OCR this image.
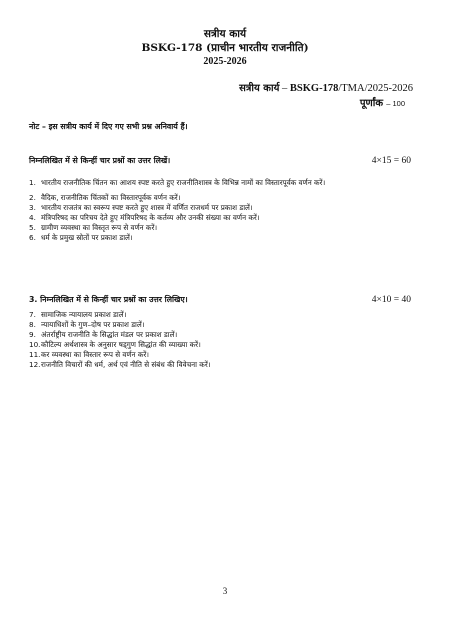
सत्रीय कार्य
BSKG-178 (प्राचीन भारतीय राजनीति)
2025-2026
सत्रीय कार्य – BSKG-178/TMA/2025-2026
पूर्णांक – 100
नोट – इस सत्रीय कार्य में दिए गए सभी प्रश्न अनिवार्य हैं।
निम्नलिखित में से किन्हीं चार प्रश्नों का उत्तर लिखें।	4×15 = 60
1. भारतीय राजनीतिक चिंतन का आशय स्पष्ट करते हुए राजनीतिशास्त्र के विभिन्न नामों का विस्तारपूर्वक वर्णन करें।
2. वैदिक, राजनीतिक चिंतकों का विस्तारपूर्वक वर्णन करें।
3. भारतीय राजतंत्र का स्वरूप स्पष्ट करते हुए शास्त्र में वर्णित राजधर्म पर प्रकाश डालें।
4. मंत्रिपरिषद का परिचय देते हुए मंत्रिपरिषद के कर्तव्य और उनकी संख्या का वर्णन करें।
5. ग्रामीण व्यवस्था का विस्तृत रूप से वर्णन करें।
6. धर्म के प्रमुख स्रोतों पर प्रकाश डालें।
3. निम्नलिखित में से किन्हीं चार प्रश्नों का उत्तर लिखिए।	4×10 = 40
7. सामाजिक न्यायालय प्रकाश डालें।
8. न्यायाधिशों के गुण–दोष पर प्रकाश डालें।
9. अंतर्राष्ट्रीय राजनीति के सिद्धांत मंडल पर प्रकाश डालें।
10. कौटिल्य अर्थशास्त्र के अनुसार षड्गुण सिद्धांत की व्याख्या करें।
11. कर व्यवस्था का विस्तार रूप से वर्णन करें।
12. राजनीति विचारों की धर्म, अर्थ एवं नीति से संबंध की विवेचना करें।
3
